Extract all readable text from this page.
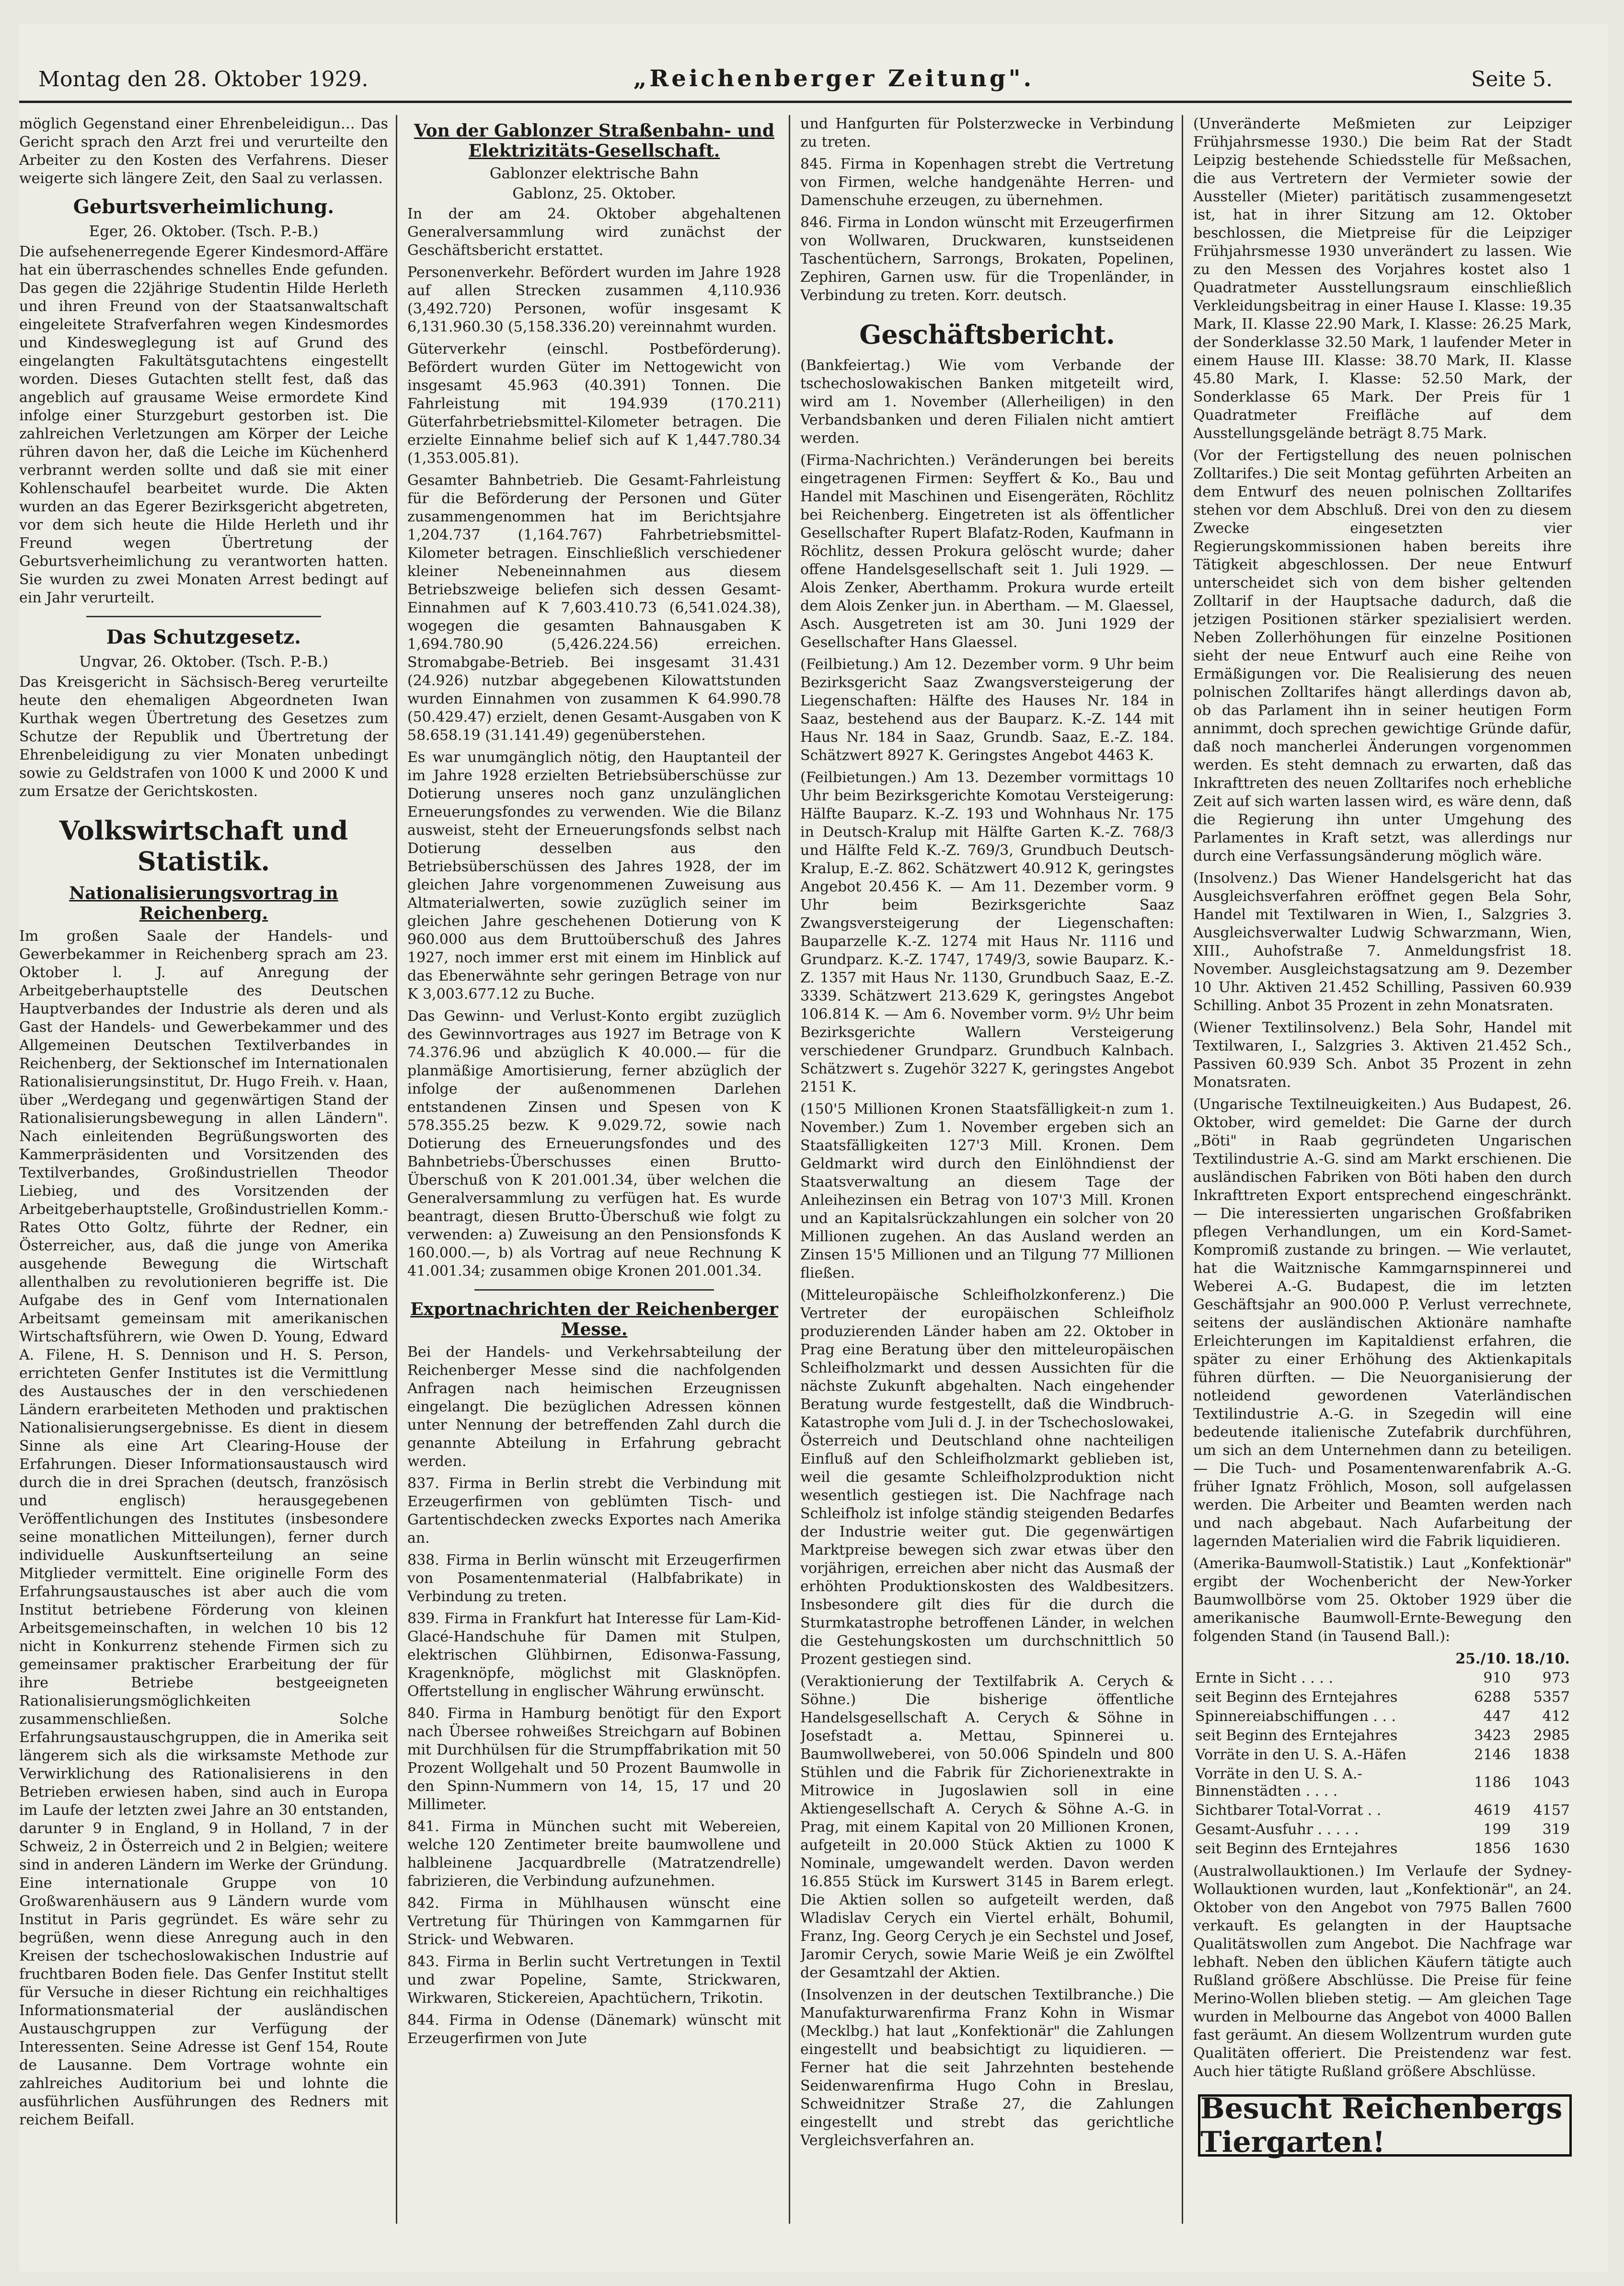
Montag den 28. Oktober 1929.	„Reichenberger Zeitung".	Seite 5.

möglich Gegenstand einer Ehrenbeleidigun… Das Gericht sprach den Arzt frei und verurteilte den Arbeiter zu den Kosten des Verfahrens. Dieser weigerte sich längere Zeit, den Saal zu verlassen.

Geburtsverheimlichung.
Eger, 26. Oktober. (Tsch. P.-B.)

Die aufsehenerregende Egerer Kindesmord-Affäre hat ein überraschendes schnelles Ende gefunden. Das gegen die 22jährige Studentin Hilde Herleth und ihren Freund von der Staatsanwaltschaft eingeleitete Strafverfahren wegen Kindesmordes und Kindesweglegung ist auf Grund des eingelangten Fakultätsgutachtens eingestellt worden. Dieses Gutachten stellt fest, daß das angeblich auf grausame Weise ermordete Kind infolge einer Sturzgeburt gestorben ist. Die zahlreichen Verletzungen am Körper der Leiche rühren davon her, daß die Leiche im Küchenherd verbrannt werden sollte und daß sie mit einer Kohlenschaufel bearbeitet wurde. Die Akten wurden an das Egerer Bezirksgericht abgetreten, vor dem sich heute die Hilde Herleth und ihr Freund wegen Übertretung der Geburtsverheimlichung zu verantworten hatten. Sie wurden zu zwei Monaten Arrest bedingt auf ein Jahr verurteilt.

Das Schutzgesetz.
Ungvar, 26. Oktober. (Tsch. P.-B.)

Das Kreisgericht in Sächsisch-Bereg verurteilte heute den ehemaligen Abgeordneten Iwan Kurthak wegen Übertretung des Gesetzes zum Schutze der Republik und Übertretung der Ehrenbeleidigung zu vier Monaten unbedingt sowie zu Geldstrafen von 1000 K und 2000 K und zum Ersatze der Gerichtskosten.

Volkswirtschaft und Statistik.
Nationalisierungsvortrag in Reichenberg.

Im großen Saale der Handels- und Gewerbekammer in Reichenberg sprach am 23. Oktober l. J. auf Anregung der Arbeitgeberhauptstelle des Deutschen Hauptverbandes der Industrie als deren und als Gast der Handels- und Gewerbekammer und des Allgemeinen Deutschen Textilverbandes in Reichenberg, der Sektionschef im Internationalen Rationalisierungsinstitut, Dr. Hugo Freih. v. Haan, über „Werdegang und gegenwärtigen Stand der Rationalisierungsbewegung in allen Ländern". Nach einleitenden Begrüßungsworten des Kammerpräsidenten und Vorsitzenden des Textilverbandes, Großindustriellen Theodor Liebieg, und des Vorsitzenden der Arbeitgeberhauptstelle, Großindustriellen Komm.-Rates Otto Goltz, führte der Redner, ein Österreicher, aus, daß die junge von Amerika ausgehende Bewegung die Wirtschaft allenthalben zu revolutionieren begriffe ist. Die Aufgabe des in Genf vom Internationalen Arbeitsamt gemeinsam mit amerikanischen Wirtschaftsführern, wie Owen D. Young, Edward A. Filene, H. S. Dennison und H. S. Person, errichteten Genfer Institutes ist die Vermittlung des Austausches der in den verschiedenen Ländern erarbeiteten Methoden und praktischen Nationalisierungsergebnisse. Es dient in diesem Sinne als eine Art Clearing-House der Erfahrungen. Dieser Informationsaustausch wird durch die in drei Sprachen (deutsch, französisch und englisch) herausgegebenen Veröffentlichungen des Institutes (insbesondere seine monatlichen Mitteilungen), ferner durch individuelle Auskunftserteilung an seine Mitglieder vermittelt. Eine originelle Form des Erfahrungsaustausches ist aber auch die vom Institut betriebene Förderung von kleinen Arbeitsgemeinschaften, in welchen 10 bis 12 nicht in Konkurrenz stehende Firmen sich zu gemeinsamer praktischer Erarbeitung der für ihre Betriebe bestgeeigneten Rationalisierungsmöglichkeiten zusammenschließen. Solche Erfahrungsaustauschgruppen, die in Amerika seit längerem sich als die wirksamste Methode zur Verwirklichung des Rationalisierens in den Betrieben erwiesen haben, sind auch in Europa im Laufe der letzten zwei Jahre an 30 entstanden, darunter 9 in England, 9 in Holland, 7 in der Schweiz, 2 in Österreich und 2 in Belgien; weitere sind in anderen Ländern im Werke der Gründung. Eine internationale Gruppe von 10 Großwarenhäusern aus 9 Ländern wurde vom Institut in Paris gegründet. Es wäre sehr zu begrüßen, wenn diese Anregung auch in den Kreisen der tschechoslowakischen Industrie auf fruchtbaren Boden fiele. Das Genfer Institut stellt für Versuche in dieser Richtung ein reichhaltiges Informationsmaterial der ausländischen Austauschgruppen zur Verfügung der Interessenten. Seine Adresse ist Genf 154, Route de Lausanne. Dem Vortrage wohnte ein zahlreiches Auditorium bei und lohnte die ausführlichen Ausführungen des Redners mit reichem Beifall.

Von der Gablonzer Straßenbahn- und Elektrizitäts-Gesellschaft.
Gablonzer elektrische Bahn
Gablonz, 25. Oktober.

In der am 24. Oktober abgehaltenen Generalversammlung wird zunächst der Geschäftsbericht erstattet.

Personenverkehr. Befördert wurden im Jahre 1928 auf allen Strecken zusammen 4,110.936 (3,492.720) Personen, wofür insgesamt K 6,131.960.30 (5,158.336.20) vereinnahmt wurden.

Güterverkehr (einschl. Postbeförderung). Befördert wurden Güter im Nettogewicht von insgesamt 45.963 (40.391) Tonnen. Die Fahrleistung mit 194.939 (170.211) Güterfahrbetriebsmittel-Kilometer betragen. Die erzielte Einnahme belief sich auf K 1,447.780.34 (1,353.005.81).

Gesamter Bahnbetrieb. Die Gesamt-Fahrleistung für die Beförderung der Personen und Güter zusammengenommen hat im Berichtsjahre 1,204.737 (1,164.767) Fahrbetriebsmittel-Kilometer betragen. Einschließlich verschiedener kleiner Nebeneinnahmen aus diesem Betriebszweige beliefen sich dessen Gesamt-Einnahmen auf K 7,603.410.73 (6,541.024.38), wogegen die gesamten Bahnausgaben K 1,694.780.90 (5,426.224.56) erreichen. Stromabgabe-Betrieb. Bei insgesamt 31.431 (24.926) nutzbar abgegebenen Kilowattstunden wurden Einnahmen von zusammen K 64.990.78 (50.429.47) erzielt, denen Gesamt-Ausgaben von K 58.658.19 (31.141.49) gegenüberstehen.

Es war unumgänglich nötig, den Hauptanteil der im Jahre 1928 erzielten Betriebsüberschüsse zur Dotierung unseres noch ganz unzulänglichen Erneuerungsfondes zu verwenden. Wie die Bilanz ausweist, steht der Erneuerungsfonds selbst nach Dotierung desselben aus den Betriebsüberschüssen des Jahres 1928, der im gleichen Jahre vorgenommenen Zuweisung aus Altmaterialwerten, sowie zuzüglich seiner im gleichen Jahre geschehenen Dotierung von K 960.000 aus dem Bruttoüberschuß des Jahres 1927, noch immer erst mit einem im Hinblick auf das Ebenerwähnte sehr geringen Betrage von nur K 3,003.677.12 zu Buche.

Das Gewinn- und Verlust-Konto ergibt zuzüglich des Gewinnvortrages aus 1927 im Betrage von K 74.376.96 und abzüglich K 40.000.— für die planmäßige Amortisierung, ferner abzüglich der infolge der außenommenen Darlehen entstandenen Zinsen und Spesen von K 578.355.25 bezw. K 9.029.72, sowie nach Dotierung des Erneuerungsfondes und des Bahnbetriebs-Überschusses einen Brutto-Überschuß von K 201.001.34, über welchen die Generalversammlung zu verfügen hat. Es wurde beantragt, diesen Brutto-Überschuß wie folgt zu verwenden: a) Zuweisung an den Pensionsfonds K 160.000.—, b) als Vortrag auf neue Rechnung K 41.001.34; zusammen obige Kronen 201.001.34.

Exportnachrichten der Reichenberger Messe.

Bei der Handels- und Verkehrsabteilung der Reichenberger Messe sind die nachfolgenden Anfragen nach heimischen Erzeugnissen eingelangt. Die bezüglichen Adressen können unter Nennung der betreffenden Zahl durch die genannte Abteilung in Erfahrung gebracht werden.

837. Firma in Berlin strebt die Verbindung mit Erzeugerfirmen von geblümten Tisch- und Gartentischdecken zwecks Exportes nach Amerika an.

838. Firma in Berlin wünscht mit Erzeugerfirmen von Posamentenmaterial (Halbfabrikate) in Verbindung zu treten.

839. Firma in Frankfurt hat Interesse für Lam-Kid-Glacé-Handschuhe für Damen mit Stulpen, elektrischen Glühbirnen, Edisonwa-Fassung, Kragenknöpfe, möglichst mit Glasknöpfen. Offertstellung in englischer Währung erwünscht.

840. Firma in Hamburg benötigt für den Export nach Übersee rohweißes Streichgarn auf Bobinen mit Durchhülsen für die Strumpffabrikation mit 50 Prozent Wollgehalt und 50 Prozent Baumwolle in den Spinn-Nummern von 14, 15, 17 und 20 Millimeter.

841. Firma in München sucht mit Webereien, welche 120 Zentimeter breite baumwollene und halbleinene Jacquardbrelle (Matratzendrelle) fabrizieren, die Verbindung aufzunehmen.

842. Firma in Mühlhausen wünscht eine Vertretung für Thüringen von Kammgarnen für Strick- und Webwaren.

843. Firma in Berlin sucht Vertretungen in Textil und zwar Popeline, Samte, Strickwaren, Wirkwaren, Stickereien, Apachtüchern, Trikotin.

844. Firma in Odense (Dänemark) wünscht mit Erzeugerfirmen von Jute

und Hanfgurten für Polsterzwecke in Verbindung zu treten.

845. Firma in Kopenhagen strebt die Vertretung von Firmen, welche handgenähte Herren- und Damenschuhe erzeugen, zu übernehmen.

846. Firma in London wünscht mit Erzeugerfirmen von Wollwaren, Druckwaren, kunstseidenen Taschentüchern, Sarrongs, Brokaten, Popelinen, Zephiren, Garnen usw. für die Tropenländer, in Verbindung zu treten. Korr. deutsch.

Geschäftsbericht.

(Bankfeiertag.) Wie vom Verbande der tschechoslowakischen Banken mitgeteilt wird, wird am 1. November (Allerheiligen) in den Verbandsbanken und deren Filialen nicht amtiert werden.

(Firma-Nachrichten.) Veränderungen bei bereits eingetragenen Firmen: Seyffert & Ko., Bau und Handel mit Maschinen und Eisengeräten, Röchlitz bei Reichenberg. Eingetreten ist als öffentlicher Gesellschafter Rupert Blafatz-Roden, Kaufmann in Röchlitz, dessen Prokura gelöscht wurde; daher offene Handelsgesellschaft seit 1. Juli 1929. — Alois Zenker, Aberthamm. Prokura wurde erteilt dem Alois Zenker jun. in Abertham. — M. Glaessel, Asch. Ausgetreten ist am 30. Juni 1929 der Gesellschafter Hans Glaessel.

(Feilbietung.) Am 12. Dezember vorm. 9 Uhr beim Bezirksgericht Saaz Zwangsversteigerung der Liegenschaften: Hälfte des Hauses Nr. 184 in Saaz, bestehend aus der Bauparz. K.-Z. 144 mit Haus Nr. 184 in Saaz, Grundb. Saaz, E.-Z. 184. Schätzwert 8927 K. Geringstes Angebot 4463 K.

(Feilbietungen.) Am 13. Dezember vormittags 10 Uhr beim Bezirksgerichte Komotau Versteigerung: Hälfte Bauparz. K.-Z. 193 und Wohnhaus Nr. 175 in Deutsch-Kralup mit Hälfte Garten K.-Z. 768/3 und Hälfte Feld K.-Z. 769/3, Grundbuch Deutsch-Kralup, E.-Z. 862. Schätzwert 40.912 K, geringstes Angebot 20.456 K. — Am 11. Dezember vorm. 9 Uhr beim Bezirksgerichte Saaz Zwangsversteigerung der Liegenschaften: Bauparzelle K.-Z. 1274 mit Haus Nr. 1116 und Grundparz. K.-Z. 1747, 1749/3, sowie Bauparz. K.-Z. 1357 mit Haus Nr. 1130, Grundbuch Saaz, E.-Z. 3339. Schätzwert 213.629 K, geringstes Angebot 106.814 K. — Am 6. November vorm. 9½ Uhr beim Bezirksgerichte Wallern Versteigerung verschiedener Grundparz. Grundbuch Kalnbach. Schätzwert s. Zugehör 3227 K, geringstes Angebot 2151 K.

(150'5 Millionen Kronen Staatsfälligkeit-n zum 1. November.) Zum 1. November ergeben sich an Staatsfälligkeiten 127'3 Mill. Kronen. Dem Geldmarkt wird durch den Einlöhndienst der Staatsverwaltung an diesem Tage der Anleihezinsen ein Betrag von 107'3 Mill. Kronen und an Kapitalsrückzahlungen ein solcher von 20 Millionen zugehen. An das Ausland werden an Zinsen 15'5 Millionen und an Tilgung 77 Millionen fließen.

(Mitteleuropäische Schleifholzkonferenz.) Die Vertreter der europäischen Schleifholz produzierenden Länder haben am 22. Oktober in Prag eine Beratung über den mitteleuropäischen Schleifholzmarkt und dessen Aussichten für die nächste Zukunft abgehalten. Nach eingehender Beratung wurde festgestellt, daß die Windbruch-Katastrophe vom Juli d. J. in der Tschechoslowakei, Österreich und Deutschland ohne nachteiligen Einfluß auf den Schleifholzmarkt geblieben ist, weil die gesamte Schleifholzproduktion nicht wesentlich gestiegen ist. Die Nachfrage nach Schleifholz ist infolge ständig steigenden Bedarfes der Industrie weiter gut. Die gegenwärtigen Marktpreise bewegen sich zwar etwas über den vorjährigen, erreichen aber nicht das Ausmaß der erhöhten Produktionskosten des Waldbesitzers. Insbesondere gilt dies für die durch die Sturmkatastrophe betroffenen Länder, in welchen die Gestehungskosten um durchschnittlich 50 Prozent gestiegen sind.

(Veraktionierung der Textilfabrik A. Cerych & Söhne.) Die bisherige öffentliche Handelsgesellschaft A. Cerych & Söhne in Josefstadt a. Mettau, Spinnerei u. Baumwollweberei, von 50.006 Spindeln und 800 Stühlen und die Fabrik für Zichorienextrakte in Mitrowice in Jugoslawien soll in eine Aktiengesellschaft A. Cerych & Söhne A.-G. in Prag, mit einem Kapital von 20 Millionen Kronen, aufgeteilt in 20.000 Stück Aktien zu 1000 K Nominale, umgewandelt werden. Davon werden 16.855 Stück im Kurswert 3145 in Barem erlegt. Die Aktien sollen so aufgeteilt werden, daß Wladislav Cerych ein Viertel erhält, Bohumil, Franz, Ing. Georg Cerych je ein Sechstel und Josef, Jaromir Cerych, sowie Marie Weiß je ein Zwölftel der Gesamtzahl der Aktien.

(Insolvenzen in der deutschen Textilbranche.) Die Manufakturwarenfirma Franz Kohn in Wismar (Mecklbg.) hat laut „Konfektionär" die Zahlungen eingestellt und beabsichtigt zu liquidieren. — Ferner hat die seit Jahrzehnten bestehende Seidenwarenfirma Hugo Cohn in Breslau, Schweidnitzer Straße 27, die Zahlungen eingestellt und strebt das gerichtliche Vergleichsverfahren an.

(Unveränderte Meßmieten zur Leipziger Frühjahrsmesse 1930.) Die beim Rat der Stadt Leipzig bestehende Schiedsstelle für Meßsachen, die aus Vertretern der Vermieter sowie der Aussteller (Mieter) paritätisch zusammengesetzt ist, hat in ihrer Sitzung am 12. Oktober beschlossen, die Mietpreise für die Leipziger Frühjahrsmesse 1930 unverändert zu lassen. Wie zu den Messen des Vorjahres kostet also 1 Quadratmeter Ausstellungsraum einschließlich Verkleidungsbeitrag in einer Hause I. Klasse: 19.35 Mark, II. Klasse 22.90 Mark, I. Klasse: 26.25 Mark, der Sonderklasse 32.50 Mark, 1 laufender Meter in einem Hause III. Klasse: 38.70 Mark, II. Klasse 45.80 Mark, I. Klasse: 52.50 Mark, der Sonderklasse 65 Mark. Der Preis für 1 Quadratmeter Freifläche auf dem Ausstellungsgelände beträgt 8.75 Mark.

(Vor der Fertigstellung des neuen polnischen Zolltarifes.) Die seit Montag geführten Arbeiten an dem Entwurf des neuen polnischen Zolltarifes stehen vor dem Abschluß. Drei von den zu diesem Zwecke eingesetzten vier Regierungskommissionen haben bereits ihre Tätigkeit abgeschlossen. Der neue Entwurf unterscheidet sich von dem bisher geltenden Zolltarif in der Hauptsache dadurch, daß die jetzigen Positionen stärker spezialisiert werden. Neben Zollerhöhungen für einzelne Positionen sieht der neue Entwurf auch eine Reihe von Ermäßigungen vor. Die Realisierung des neuen polnischen Zolltarifes hängt allerdings davon ab, ob das Parlament ihn in seiner heutigen Form annimmt, doch sprechen gewichtige Gründe dafür, daß noch mancherlei Änderungen vorgenommen werden. Es steht demnach zu erwarten, daß das Inkrafttreten des neuen Zolltarifes noch erhebliche Zeit auf sich warten lassen wird, es wäre denn, daß die Regierung ihn unter Umgehung des Parlamentes in Kraft setzt, was allerdings nur durch eine Verfassungsänderung möglich wäre.

(Insolvenz.) Das Wiener Handelsgericht hat das Ausgleichsverfahren eröffnet gegen Bela Sohr, Handel mit Textilwaren in Wien, I., Salzgries 3. Ausgleichsverwalter Ludwig Schwarzmann, Wien, XIII., Auhofstraße 7. Anmeldungsfrist 18. November. Ausgleichstagsatzung am 9. Dezember 10 Uhr. Aktiven 21.452 Schilling, Passiven 60.939 Schilling. Anbot 35 Prozent in zehn Monatsraten.

(Wiener Textilinsolvenz.) Bela Sohr, Handel mit Textilwaren, I., Salzgries 3. Aktiven 21.452 Sch., Passiven 60.939 Sch. Anbot 35 Prozent in zehn Monatsraten.

(Ungarische Textilneuigkeiten.) Aus Budapest, 26. Oktober, wird gemeldet: Die Garne der durch „Böti" in Raab gegründeten Ungarischen Textilindustrie A.-G. sind am Markt erschienen. Die ausländischen Fabriken von Böti haben den durch Inkrafttreten Export entsprechend eingeschränkt. — Die interessierten ungarischen Großfabriken pflegen Verhandlungen, um ein Kord-Samet-Kompromiß zustande zu bringen. — Wie verlautet, hat die Waitznische Kammgarnspinnerei und Weberei A.-G. Budapest, die im letzten Geschäftsjahr an 900.000 P. Verlust verrechnete, seitens der ausländischen Aktionäre namhafte Erleichterungen im Kapitaldienst erfahren, die später zu einer Erhöhung des Aktienkapitals führen dürften. — Die Neuorganisierung der notleidend gewordenen Vaterländischen Textilindustrie A.-G. in Szegedin will eine bedeutende italienische Zutefabrik durchführen, um sich an dem Unternehmen dann zu beteiligen. — Die Tuch- und Posamentenwarenfabrik A.-G. früher Ignatz Fröhlich, Moson, soll aufgelassen werden. Die Arbeiter und Beamten werden nach und nach abgebaut. Nach Aufarbeitung der lagernden Materialien wird die Fabrik liquidieren.

(Amerika-Baumwoll-Statistik.) Laut „Konfektionär" ergibt der Wochenbericht der New-Yorker Baumwollbörse vom 25. Oktober 1929 über die amerikanische Baumwoll-Ernte-Bewegung den folgenden Stand (in Tausend Ball.):

	25./10.	18./10.
Ernte in Sicht . . . .	910	973
seit Beginn des Erntejahres	6288	5357
Spinnereiabschiffungen . . .	447	412
seit Beginn des Erntejahres	3423	2985
Vorräte in den U. S. A.-Häfen	2146	1838
Vorräte in den U. S. A.-Binnenstädten . . . .	1186	1043
Sichtbarer Total-Vorrat . .	4619	4157
Gesamt-Ausfuhr . . . . .	199	319
seit Beginn des Erntejahres	1856	1630

(Australwollauktionen.) Im Verlaufe der Sydney-Wollauktionen wurden, laut „Konfektionär", an 24. Oktober von den Angebot von 7975 Ballen 7600 verkauft. Es gelangten in der Hauptsache Qualitätswollen zum Angebot. Die Nachfrage war lebhaft. Neben den üblichen Käufern tätigte auch Rußland größere Abschlüsse. Die Preise für feine Merino-Wollen blieben stetig. — Am gleichen Tage wurden in Melbourne das Angebot von 4000 Ballen fast geräumt. An diesem Wollzentrum wurden gute Qualitäten offeriert. Die Preistendenz war fest. Auch hier tätigte Rußland größere Abschlüsse.

Besucht Reichenbergs Tiergarten!
